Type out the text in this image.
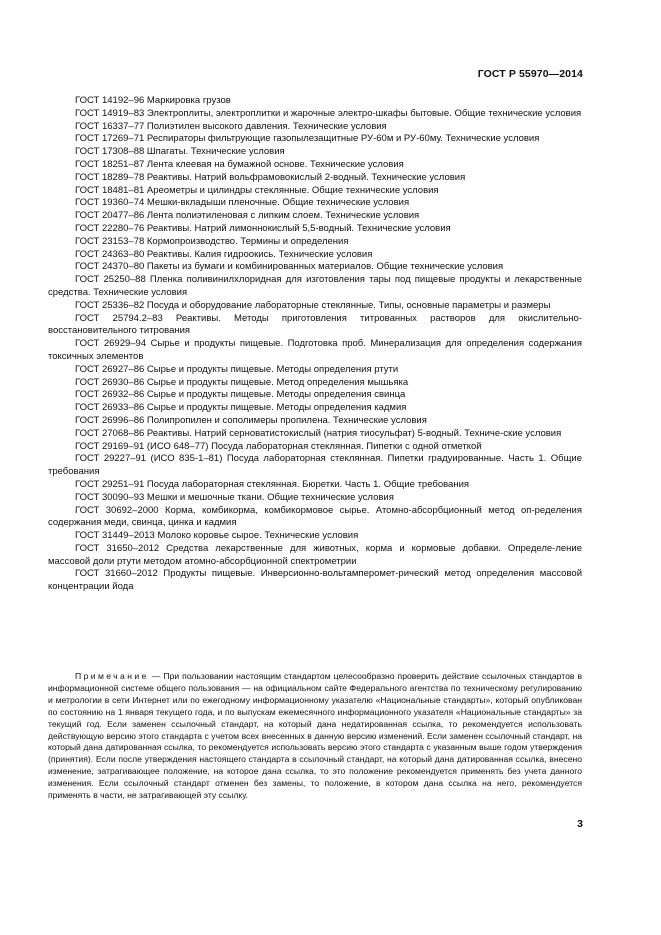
ГОСТ Р 55970—2014
ГОСТ 14192–96 Маркировка грузов
ГОСТ 14919–83 Электроплиты, электроплитки и жарочные электро-шкафы бытовые. Общие технические условия
ГОСТ 16337–77 Полиэтилен высокого давления. Технические условия
ГОСТ 17269–71 Респираторы фильтрующие газопылезащитные РУ-60м и РУ-60му. Технические условия
ГОСТ 17308–88 Шпагаты. Технические условия
ГОСТ 18251–87 Лента клеевая на бумажной основе. Технические условия
ГОСТ 18289–78 Реактивы. Натрий вольфрамовокислый 2-водный. Технические условия
ГОСТ 18481–81 Ареометры и цилиндры стеклянные. Общие технические условия
ГОСТ 19360–74 Мешки-вкладыши пленочные. Общие технические условия
ГОСТ 20477–86 Лента полиэтиленовая с липким слоем. Технические условия
ГОСТ 22280–76 Реактивы. Натрий лимоннокислый 5,5-водный. Технические условия
ГОСТ 23153–78 Кормопроизводство. Термины и определения
ГОСТ 24363–80 Реактивы. Калия гидроокись. Технические условия
ГОСТ 24370–80 Пакеты из бумаги и комбинированных материалов. Общие технические условия
ГОСТ 25250–88 Пленка поливинилхлоридная для изготовления тары под пищевые продукты и лекарственные средства. Технические условия
ГОСТ 25336–82 Посуда и оборудование лабораторные стеклянные. Типы, основные параметры и размеры
ГОСТ 25794.2–83 Реактивы. Методы приготовления титрованных растворов для окислительно-восстановительного титрования
ГОСТ 26929–94 Сырье и продукты пищевые. Подготовка проб. Минерализация для определения содержания токсичных элементов
ГОСТ 26927–86 Сырье и продукты пищевые. Методы определения ртути
ГОСТ 26930–86 Сырье и продукты пищевые. Метод определения мышьяка
ГОСТ 26932–86 Сырье и продукты пищевые. Методы определения свинца
ГОСТ 26933–86 Сырье и продукты пищевые. Методы определения кадмия
ГОСТ 26996–86 Полипропилен и сополимеры пропилена. Технические условия
ГОСТ 27068–86 Реактивы. Натрий серноватистокислый (натрия тиосульфат) 5-водный. Техниче-ские условия
ГОСТ 29169–91 (ИСО 648–77) Посуда лабораторная стеклянная. Пипетки с одной отметкой
ГОСТ 29227–91 (ИСО 835-1–81) Посуда лабораторная стеклянная. Пипетки градуированные. Часть 1. Общие требования
ГОСТ 29251–91 Посуда лабораторная стеклянная. Бюретки. Часть 1. Общие требования
ГОСТ 30090–93 Мешки и мешочные ткани. Общие технические условия
ГОСТ 30692–2000 Корма, комбикорма, комбикормовое сырье. Атомно-абсорбционный метод оп-ределения содержания меди, свинца, цинка и кадмия
ГОСТ 31449–2013 Молоко коровье сырое. Технические условия
ГОСТ 31650–2012 Средства лекарственные для животных, корма и кормовые добавки. Определе-ление массовой доли ртути методом атомно-абсорбционной спектрометрии
ГОСТ 31660–2012 Продукты пищевые. Инверсионно-вольтамперомет-рический метод определения массовой концентрации йода
Примечание — При пользовании настоящим стандартом целесообразно проверить действие ссылочных стандартов в информационной системе общего пользования — на официальном сайте Федерального агентства по техническому регулированию и метрологии в сети Интернет или по ежегодному информационному указателю «Национальные стандарты», который опубликован по состоянию на 1 января текущего года, и по выпускам ежемесячного информационного указателя «Национальные стандарты» за текущий год. Если заменен ссылочный стандарт, на который дана недатированная ссылка, то рекомендуется использовать действующую версию этого стандарта с учетом всех внесенных в данную версию изменений. Если заменен ссылочный стандарт, на который дана датированная ссылка, то рекомендуется использовать версию этого стандарта с указанным выше годом утверждения (принятия). Если после утверждения настоящего стандарта в ссылочный стандарт, на который дана датированная ссылка, внесено изменение, затрагивающее положение, на которое дана ссылка, то это положение рекомендуется применять без учета данного изменения. Если ссылочный стандарт отменен без замены, то положение, в котором дана ссылка на него, рекомендуется применять в части, не затрагивающей эту ссылку.
3
